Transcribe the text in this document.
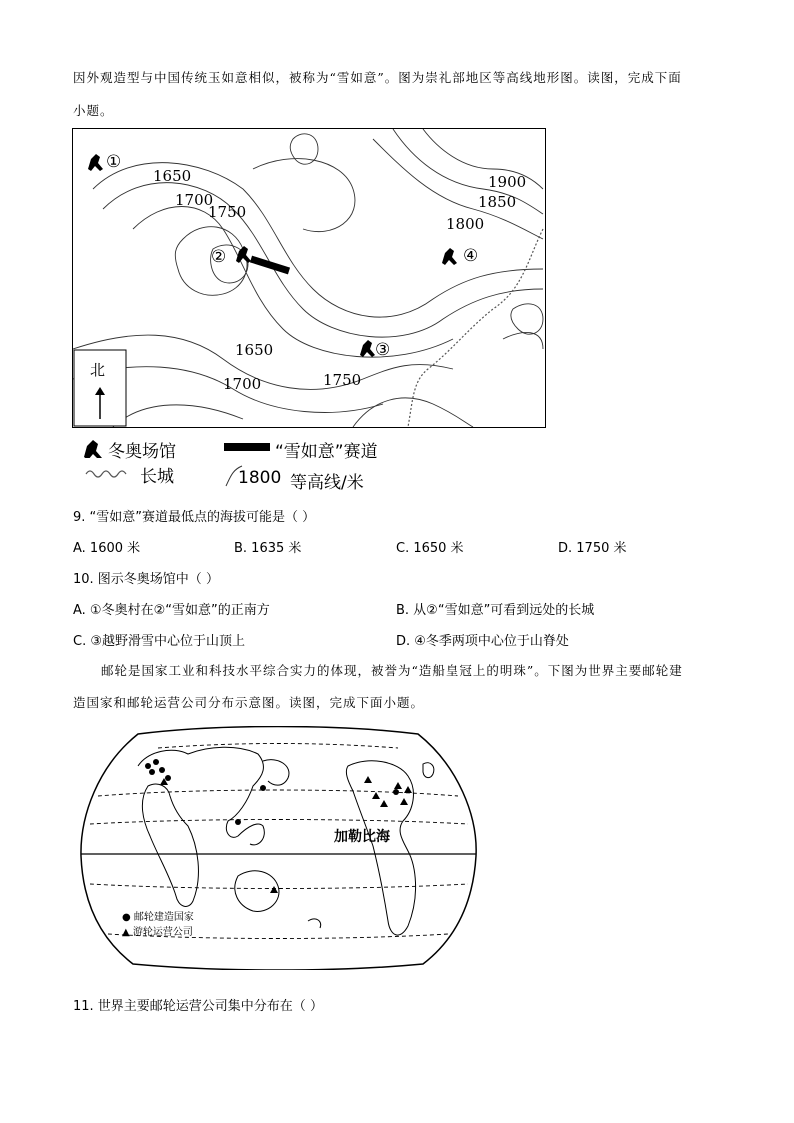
因外观造型与中国传统玉如意相似，被称为“雪如意”。图为崇礼部地区等高线地形图。读图，完成下面
小题。
1650
1700
1750
1900
1850
1800
1650
1700	1750
①
②
③
④
北
冬奥场馆	“雪如意”赛道
长城	1800 等高线/米
9. “雪如意”赛道最低点的海拔可能是（ ）
A. 1600 米	B. 1635 米	C. 1650 米	D. 1750 米
10. 图示冬奥场馆中（ ）
A. ①冬奥村在②“雪如意”的正南方	B. 从②“雪如意”可看到远处的长城
C. ③越野滑雪中心位于山顶上	D. ④冬季两项中心位于山脊处
邮轮是国家工业和科技水平综合实力的体现，被誉为“造船皇冠上的明珠”。下图为世界主要邮轮建
造国家和邮轮运营公司分布示意图。读图，完成下面小题。
加勒比海
● 邮轮建造国家
▲ 游轮运营公司
11. 世界主要邮轮运营公司集中分布在（ ）
